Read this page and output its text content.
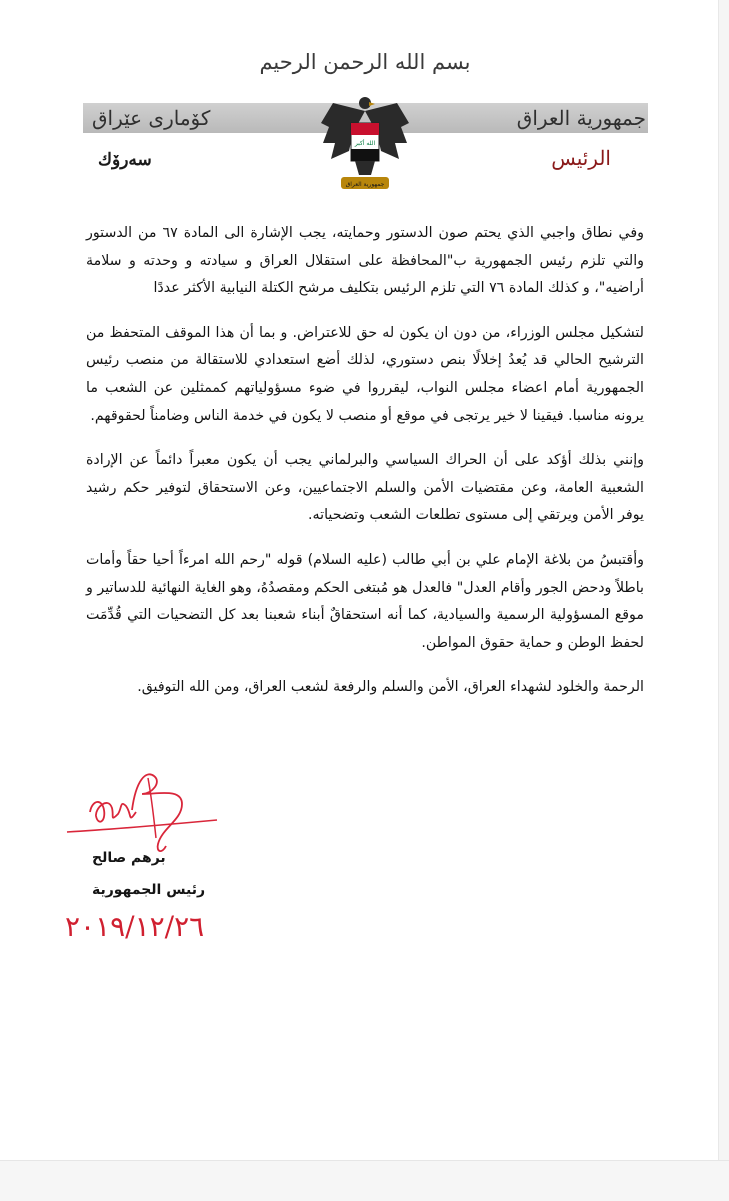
بسم الله الرحمن الرحيم
جمهورية العراق
كۆماری عێراق
الرئيس
سەرۆك
الله أكبر
جمهورية العراق

وفي نطاق واجبي الذي يحتم صون الدستور وحمايته، يجب الإشارة الى المادة ٦٧ من الدستور والتي تلزم رئيس الجمهورية ب"المحافظة على استقلال العراق و سيادته و وحدته و سلامة أراضيه"، و كذلك المادة ٧٦ التي تلزم الرئيس بتكليف مرشح الكتلة النيابية الأكثر عددًا

لتشكيل مجلس الوزراء، من دون ان يكون له حق للاعتراض. و بما أن هذا الموقف المتحفظ من الترشيح الحالي قد يُعدُ إخلالًا بنص دستوري، لذلك أضع استعدادي للاستقالة من منصب رئيس الجمهورية أمام اعضاء مجلس النواب، ليقرروا في ضوء مسؤولياتهم كممثلين عن الشعب ما يرونه مناسبا. فيقينا لا خير يرتجى في موقع أو منصب لا يكون في خدمة الناس وضامناً لحقوقهم.

وإنني بذلك أؤكد على أن الحراك السياسي والبرلماني يجب أن يكون معبراً دائماً عن الإرادة الشعبية العامة، وعن مقتضيات الأمن والسلم الاجتماعيين، وعن الاستحقاق لتوفير حكم رشيد يوفر الأمن ويرتقي إلى مستوى تطلعات الشعب وتضحياته.

وأقتبسُ من بلاغة الإمام علي بن أبي طالب (عليه السلام) قوله "رحم الله امرءاً أحيا حقاً وأمات باطلاً ودحض الجور وأقام العدل" فالعدل هو مُبتغى الحكم ومقصدُهُ، وهو الغاية النهائية للدساتير و موقع المسؤولية الرسمية والسيادية، كما أنه استحقاقٌ أبناء شعبنا بعد كل التضحيات التي قُدِّمَت لحفظ الوطن و حماية حقوق المواطن.

الرحمة والخلود لشهداء العراق، الأمن والسلم والرفعة لشعب العراق، ومن الله التوفيق.

برهم صالح
رئيس الجمهورية
٢٠١٩/١٢/٢٦
